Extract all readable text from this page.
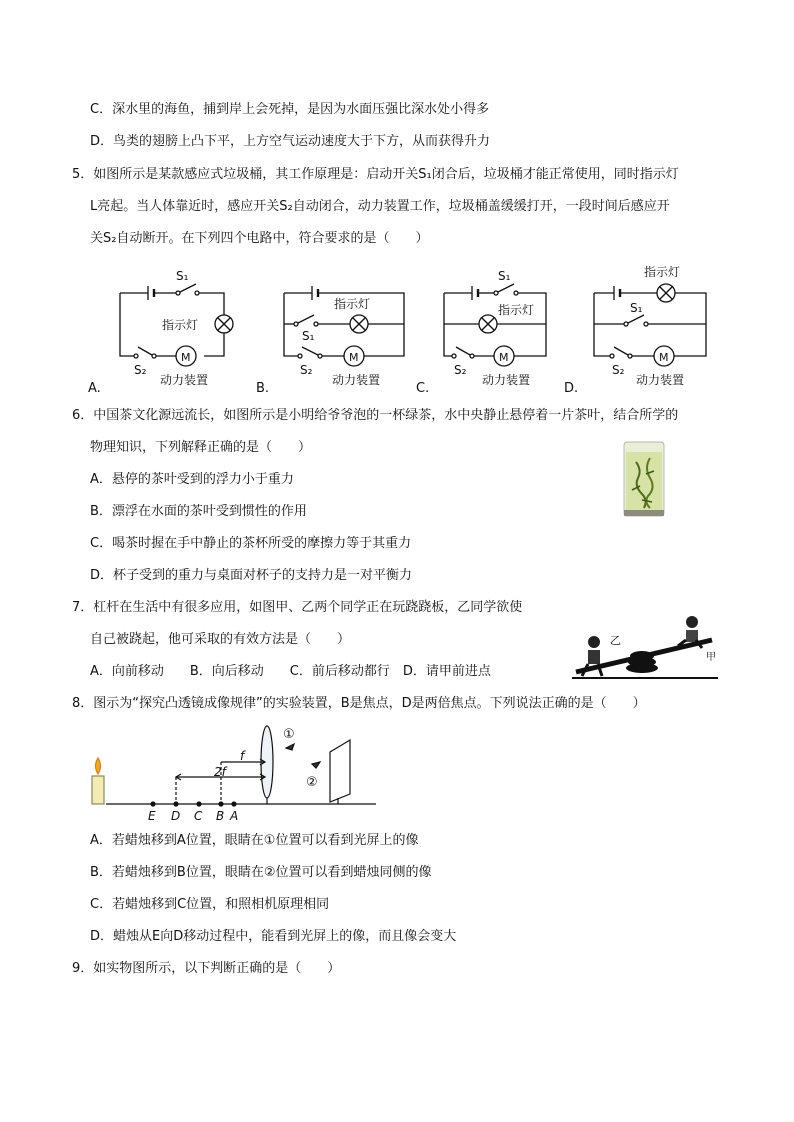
C．深水里的海鱼，捕到岸上会死掉，是因为水面压强比深水处小得多
D．鸟类的翅膀上凸下平，上方空气运动速度大于下方，从而获得升力
5．如图所示是某款感应式垃圾桶，其工作原理是：启动开关S₁闭合后，垃圾桶才能正常使用，同时指示灯
L亮起。当人体靠近时，感应开关S₂自动闭合，动力装置工作，垃圾桶盖缓缓打开，一段时间后感应开
关S₂自动断开。在下列四个电路中，符合要求的是（　　）
S₁
指示灯
M
S₂
动力装置
A.
指示灯
S₁
M
S₂
动力装置
B.
S₁
指示灯
M
S₂
动力装置
C.
指示灯
S₁
M
S₂
动力装置
D.
6．中国茶文化源远流长，如图所示是小明给爷爷泡的一杯绿茶，水中央静止悬停着一片茶叶，结合所学的
物理知识，下列解释正确的是（　　）
A．悬停的茶叶受到的浮力小于重力
B．漂浮在水面的茶叶受到惯性的作用
C．喝茶时握在手中静止的茶杯所受的摩擦力等于其重力
D．杯子受到的重力与桌面对杯子的支持力是一对平衡力
7．杠杆在生活中有很多应用，如图甲、乙两个同学正在玩跷跷板，乙同学欲使
自己被跷起，他可采取的有效方法是（　　）
A．向前移动　　B．向后移动　　C．前后移动都行　D．请甲前进点
乙
甲
8．图示为“探究凸透镜成像规律”的实验装置，B是焦点，D是两倍焦点。下列说法正确的是（　　）
f
2f
E D C B A
①
②
A．若蜡烛移到A位置，眼睛在①位置可以看到光屏上的像
B．若蜡烛移到B位置，眼睛在②位置可以看到蜡烛同侧的像
C．若蜡烛移到C位置，和照相机原理相同
D．蜡烛从E向D移动过程中，能看到光屏上的像，而且像会变大
9．如实物图所示，以下判断正确的是（　　）
